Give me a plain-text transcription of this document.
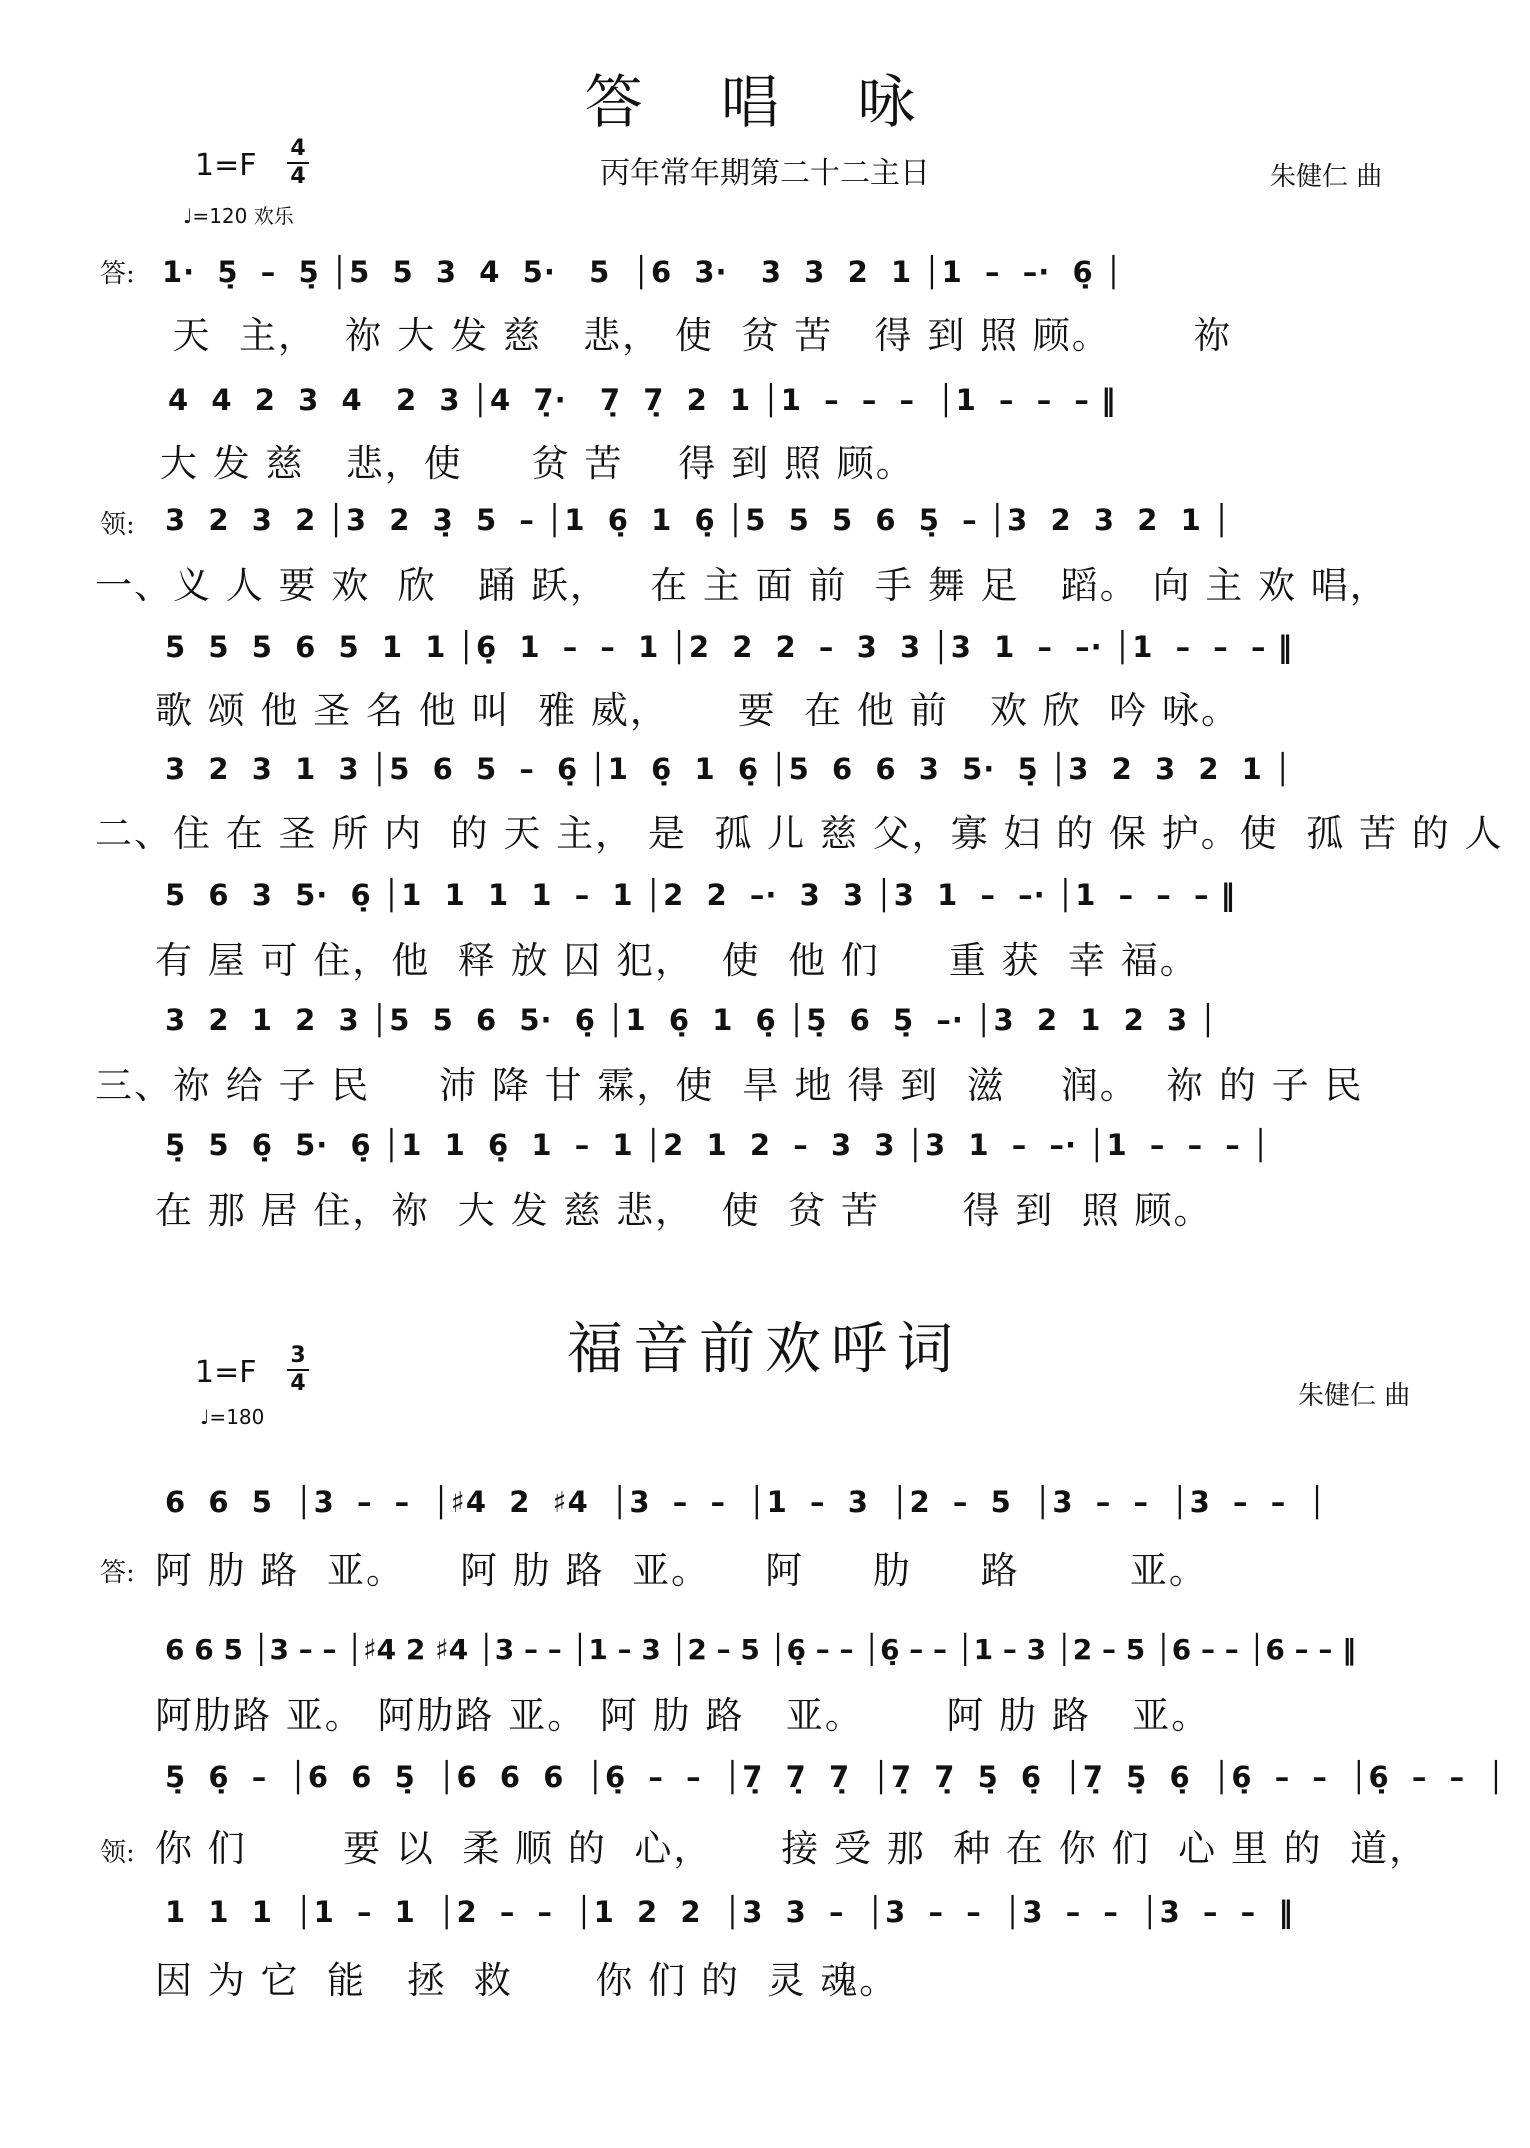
答 唱 咏
1=F 4
4
♩=120 欢乐
丙年常年期第二十二主日	朱健仁 曲
答:
领:
1·  5̣  –  5̣ │5  5  3  4  5·   5  │6  3·   3  3  2  1 │1  –  –·  6̣ │
天  主，  祢 大 发 慈   悲， 使  贫 苦   得 到 照 顾。      祢
4  4  2  3  4   2  3 │4  7̣·   7̣  7̣  2  1 │1  –  –  –  │1  –  –  – ‖
大 发 慈   悲，使     贫 苦    得 到 照 顾。
3  2  3  2 │3  2  3̣  5  – │1  6̣  1  6̣ │5  5  5  6  5̣  – │3  2  3  2  1 │
一、义 人 要 欢  欣   踊 跃，   在 主 面 前  手 舞 足   蹈。 向 主 欢 唱，
5  5  5  6  5  1  1 │6̣  1  –  –  1 │2  2  2  –  3  3 │3  1  –  –· │1  –  –  – ‖
歌 颂 他 圣 名 他 叫  雅 威，     要  在 他 前   欢 欣  吟 咏。
3  2  3  1  3 │5  6  5  –  6̣ │1  6̣  1  6̣ │5  6  6  3  5·  5̣ │3  2  3  2  1 │
二、住 在 圣 所 内  的 天 主， 是  孤 儿 慈 父，寡 妇 的 保 护。使  孤 苦 的 人
5  6  3  5·  6̣ │1  1  1  1  –  1 │2  2  –·  3  3 │3  1  –  –· │1  –  –  – ‖
有 屋 可 住，他  释 放 囚 犯，  使  他 们     重 获  幸 福。
3  2  1  2  3 │5  5  6  5·  6̣ │1  6̣  1  6̣ │5̣  6  5̣  –· │3  2  1  2  3 │
三、祢 给 子 民     沛 降 甘 霖，使  旱 地 得 到  滋    润。  祢 的 子 民
5̣  5  6̣  5·  6̣ │1  1  6̣  1  –  1 │2  1  2  –  3  3 │3  1  –  –· │1  –  –  – │
在 那 居 住，祢  大 发 慈 悲，  使  贫 苦      得 到  照 顾。
福音前欢呼词
1=F 3
4
♩=180
朱健仁 曲
答:
领:
6  6  5  │3  –  –  │♯4  2  ♯4  │3  –  –  │1  –  3  │2  –  5  │3  –  –  │3  –  –  │
阿 肋 路  亚。    阿 肋 路  亚。    阿     肋     路        亚。
6 6 5 │3 – – │♯4 2 ♯4 │3 – – │1 – 3 │2 – 5 │6̣ – – │6̣ – – │1 – 3 │2 – 5 │6 – – │6 – – ‖
阿肋路 亚。 阿肋路 亚。 阿 肋 路   亚。      阿 肋 路   亚。
5̣  6̣  –  │6  6  5̣  │6  6  6  │6̣  –  –  │7̣  7̣  7̣  │7̣  7̣  5̣  6̣  │7̣  5̣  6̣  │6̣  –  –  │6̣  –  –  │
你 们       要 以  柔 顺 的  心，     接 受 那  种 在 你 们  心 里 的  道，
1  1  1  │1  –  1  │2  –  –  │1  2  2  │3  3  –  │3  –  –  │3  –  –  │3  –  –  ‖
因 为 它  能   拯  救      你 们 的  灵 魂。
